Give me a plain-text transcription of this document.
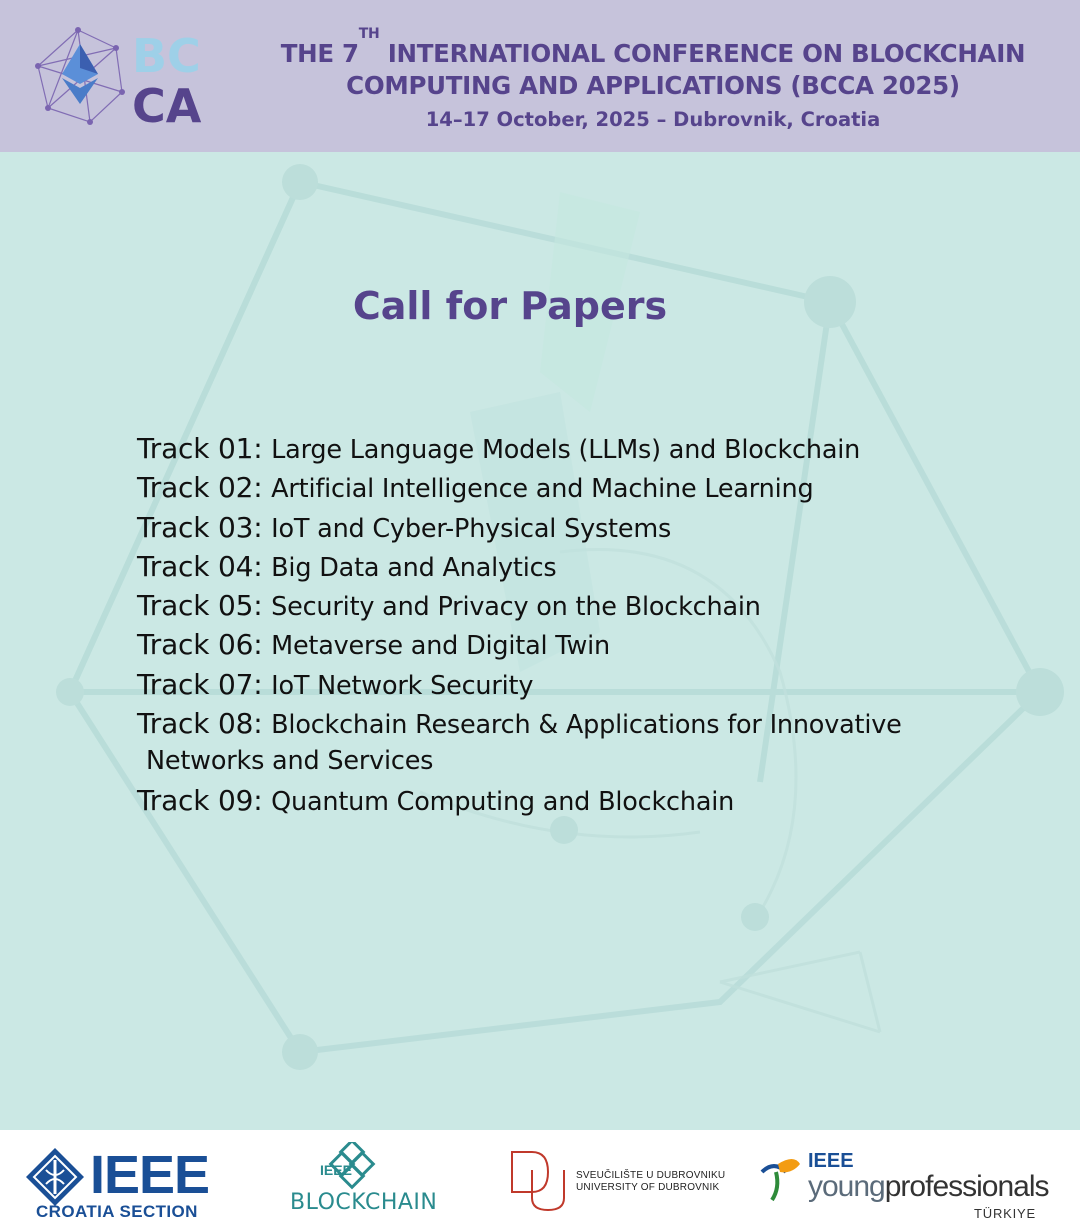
BC
CA
THE 7TH INTERNATIONAL CONFERENCE ON BLOCKCHAIN
COMPUTING AND APPLICATIONS (BCCA 2025)
14–17 October, 2025 – Dubrovnik, Croatia
Call for Papers
Track 01: Large Language Models (LLMs) and Blockchain
Track 02: Artificial Intelligence and Machine Learning
Track 03: IoT and Cyber-Physical Systems
Track 04: Big Data and Analytics
Track 05: Security and Privacy on the Blockchain
Track 06: Metaverse and Digital Twin
Track 07: IoT Network Security
Track 08: Blockchain Research & Applications for Innovative
Networks and Services
Track 09: Quantum Computing and Blockchain
IEEE
CROATIA SECTION
IEEE
BLOCKCHAIN
SVEUČILIŠTE U DUBROVNIKU
UNIVERSITY OF DUBROVNIK
IEEE
youngprofessionals
TÜRKIYE
